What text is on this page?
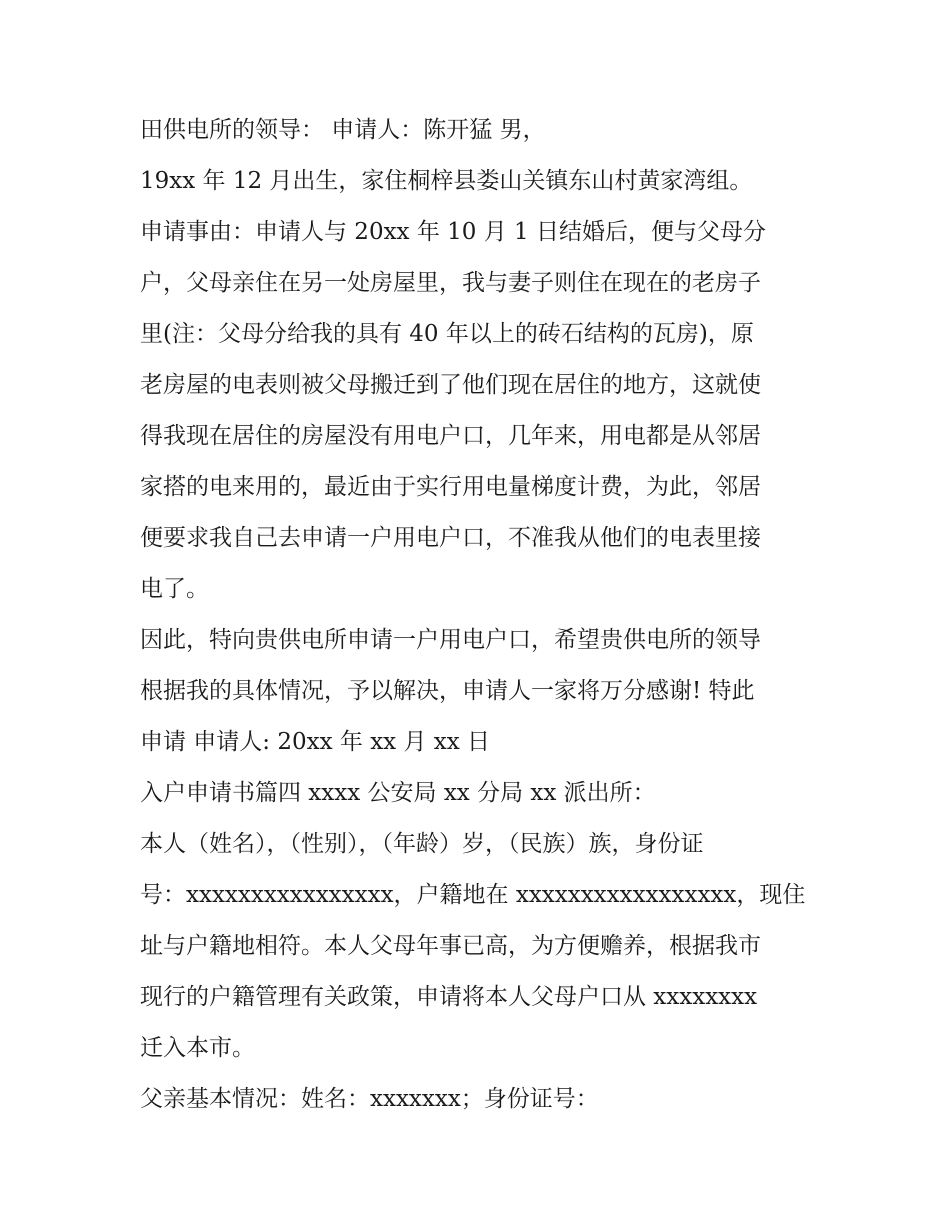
田供电所的领导： 申请人：陈开猛 男，
19xx 年 12 月出生，家住桐梓县娄山关镇东山村黄家湾组。
申请事由：申请人与 20xx 年 10 月 1 日结婚后，便与父母分
户，父母亲住在另一处房屋里，我与妻子则住在现在的老房子
里(注：父母分给我的具有 40 年以上的砖石结构的瓦房)，原
老房屋的电表则被父母搬迁到了他们现在居住的地方，这就使
得我现在居住的房屋没有用电户口，几年来，用电都是从邻居
家搭的电来用的，最近由于实行用电量梯度计费，为此，邻居
便要求我自己去申请一户用电户口，不准我从他们的电表里接
电了。
因此，特向贵供电所申请一户用电户口，希望贵供电所的领导
根据我的具体情况，予以解决，申请人一家将万分感谢! 特此
申请 申请人: 20xx 年 xx 月 xx 日
入户申请书篇四 xxxx 公安局 xx 分局 xx 派出所：
本人（姓名），（性别），（年龄）岁，（民族）族，身份证
号：xxxxxxxxxxxxxxxx，户籍地在 xxxxxxxxxxxxxxxxx，现住
址与户籍地相符。本人父母年事已高，为方便赡养，根据我市
现行的户籍管理有关政策，申请将本人父母户口从 xxxxxxxx
迁入本市。
父亲基本情况：姓名：xxxxxxx；身份证号：
